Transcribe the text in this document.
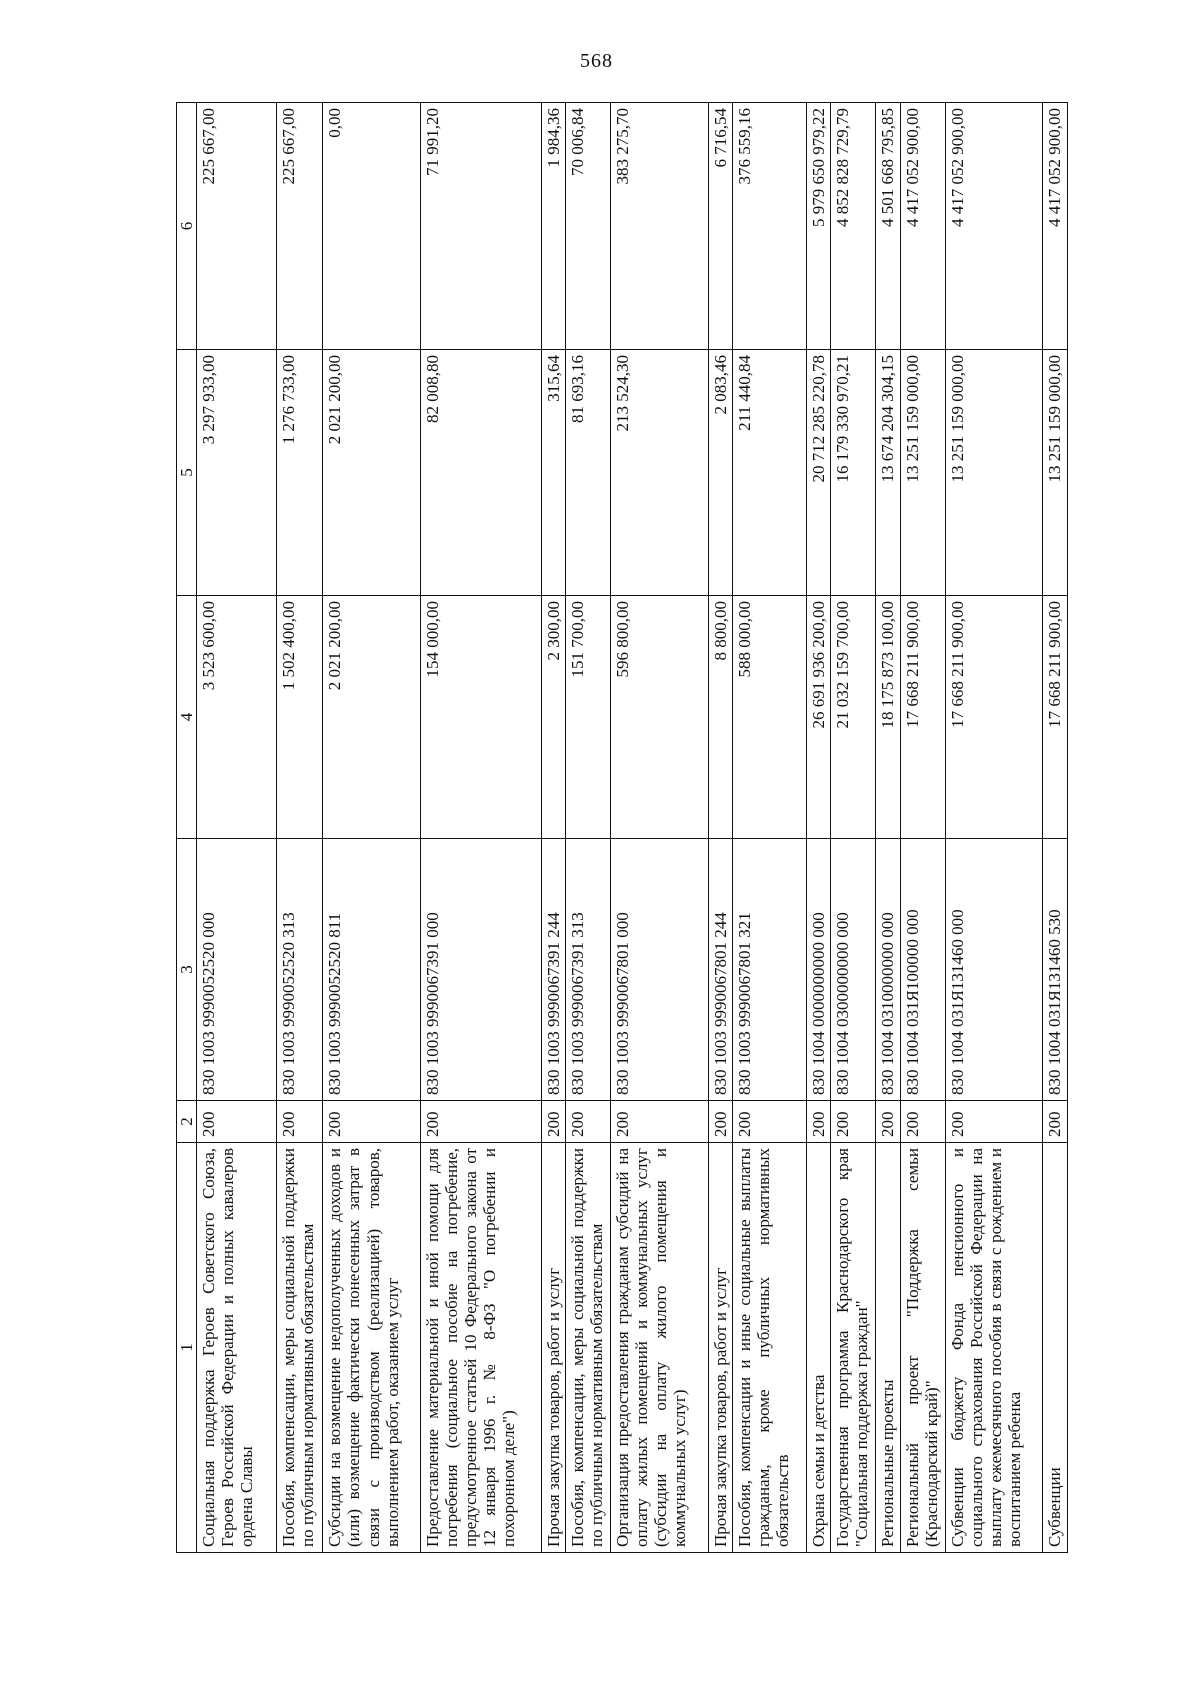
568
1	2	3	4	5	6
Социальная поддержка Героев Советского Союза, Героев Российской Федерации и полных кавалеров ордена Славы	200	830 1003 9990052520 000	3 523 600,00	3 297 933,00	225 667,00
Пособия, компенсации, меры социальной поддержки по публичным нормативным обязательствам	200	830 1003 9990052520 313	1 502 400,00	1 276 733,00	225 667,00
Субсидии на возмещение недополученных доходов и (или) возмещение фактически понесенных затрат в связи с производством (реализацией) товаров, выполнением работ, оказанием услуг	200	830 1003 9990052520 811	2 021 200,00	2 021 200,00	0,00
Предоставление материальной и иной помощи для погребения (социальное пособие на погребение, предусмотренное статьей 10 Федерального закона от 12 января 1996 г. № 8-ФЗ "О погребении и похоронном деле")	200	830 1003 9990067391 000	154 000,00	82 008,80	71 991,20
Прочая закупка товаров, работ и услуг	200	830 1003 9990067391 244	2 300,00	315,64	1 984,36
Пособия, компенсации, меры социальной поддержки по публичным нормативным обязательствам	200	830 1003 9990067391 313	151 700,00	81 693,16	70 006,84
Организация предоставления гражданам субсидий на оплату жилых помещений и коммунальных услуг (субсидии на оплату жилого помещения и коммунальных услуг)	200	830 1003 9990067801 000	596 800,00	213 524,30	383 275,70
Прочая закупка товаров, работ и услуг	200	830 1003 9990067801 244	8 800,00	2 083,46	6 716,54
Пособия, компенсации и иные социальные выплаты гражданам, кроме публичных нормативных обязательств	200	830 1003 9990067801 321	588 000,00	211 440,84	376 559,16
Охрана семьи и детства	200	830 1004 0000000000 000	26 691 936 200,00	20 712 285 220,78	5 979 650 979,22
Государственная программа Краснодарского края "Социальная поддержка граждан"	200	830 1004 0300000000 000	21 032 159 700,00	16 179 330 970,21	4 852 828 729,79
Региональные проекты	200	830 1004 0310000000 000	18 175 873 100,00	13 674 204 304,15	4 501 668 795,85
Региональный проект "Поддержка семьи (Краснодарский край)"	200	830 1004 031Я100000 000	17 668 211 900,00	13 251 159 000,00	4 417 052 900,00
Субвенции бюджету Фонда пенсионного и социального страхования Российской Федерации на выплату ежемесячного пособия в связи с рождением и воспитанием ребенка	200	830 1004 031Я131460 000	17 668 211 900,00	13 251 159 000,00	4 417 052 900,00
Субвенции	200	830 1004 031Я131460 530	17 668 211 900,00	13 251 159 000,00	4 417 052 900,00
